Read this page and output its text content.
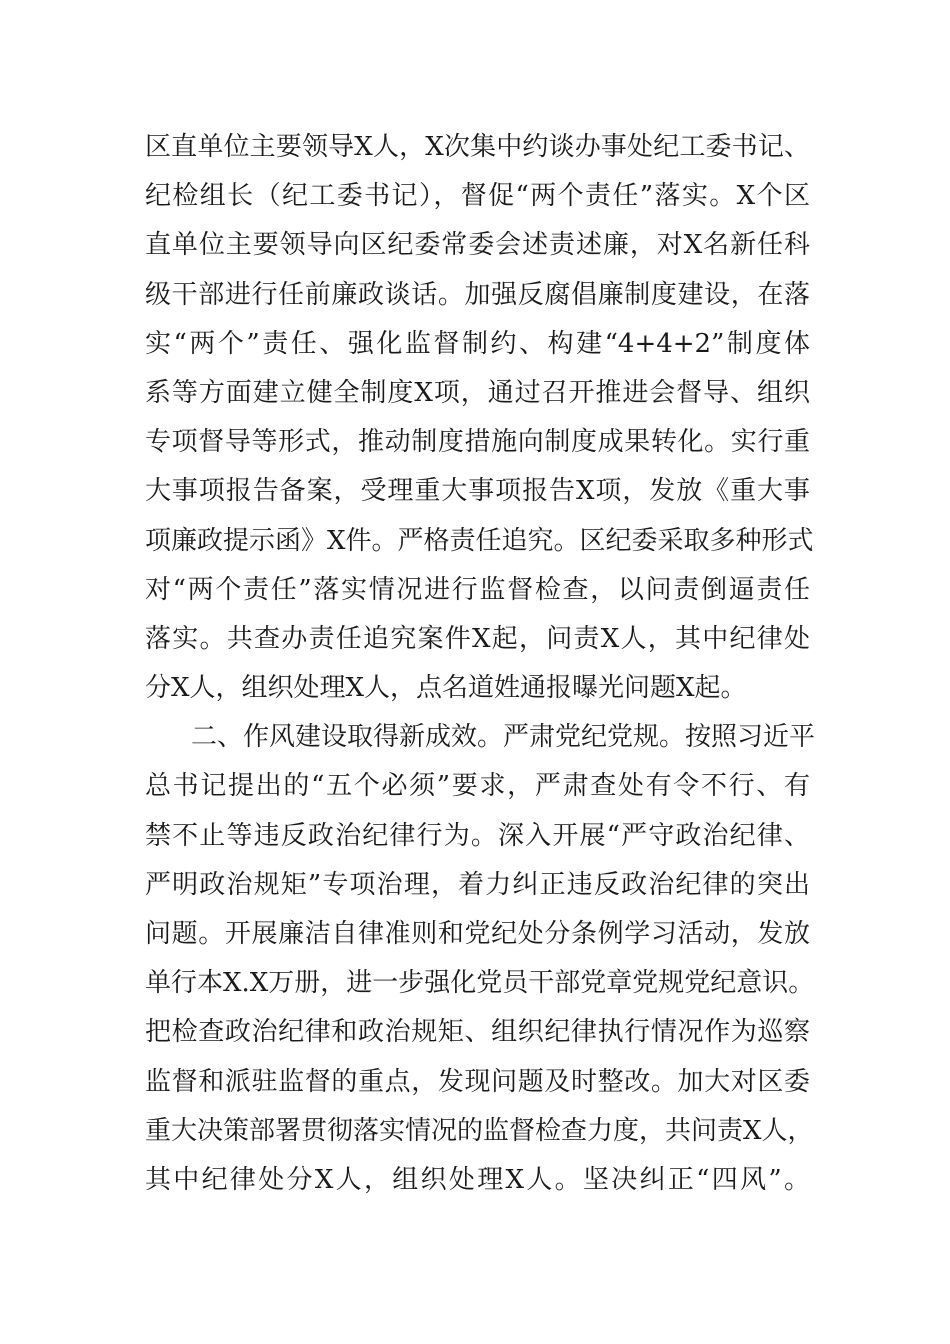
区直单位主要领导X人，X次集中约谈办事处纪工委书记、
纪检组长（纪工委书记），督促“两个责任”落实。X个区
直单位主要领导向区纪委常委会述责述廉，对X名新任科
级干部进行任前廉政谈话。加强反腐倡廉制度建设，在落
实“两个”责任、强化监督制约、构建“4+4+2”制度体
系等方面建立健全制度X项，通过召开推进会督导、组织
专项督导等形式，推动制度措施向制度成果转化。实行重
大事项报告备案，受理重大事项报告X项，发放《重大事
项廉政提示函》X件。严格责任追究。区纪委采取多种形式
对“两个责任”落实情况进行监督检查，以问责倒逼责任
落实。共查办责任追究案件X起，问责X人，其中纪律处
分X人，组织处理X人，点名道姓通报曝光问题X起。
二、作风建设取得新成效。严肃党纪党规。按照习近平
总书记提出的“五个必须”要求，严肃查处有令不行、有
禁不止等违反政治纪律行为。深入开展“严守政治纪律、
严明政治规矩”专项治理，着力纠正违反政治纪律的突出
问题。开展廉洁自律准则和党纪处分条例学习活动，发放
单行本X.X万册，进一步强化党员干部党章党规党纪意识。
把检查政治纪律和政治规矩、组织纪律执行情况作为巡察
监督和派驻监督的重点，发现问题及时整改。加大对区委
重大决策部署贯彻落实情况的监督检查力度，共问责X人，
其中纪律处分X人，组织处理X人。坚决纠正“四风”。
